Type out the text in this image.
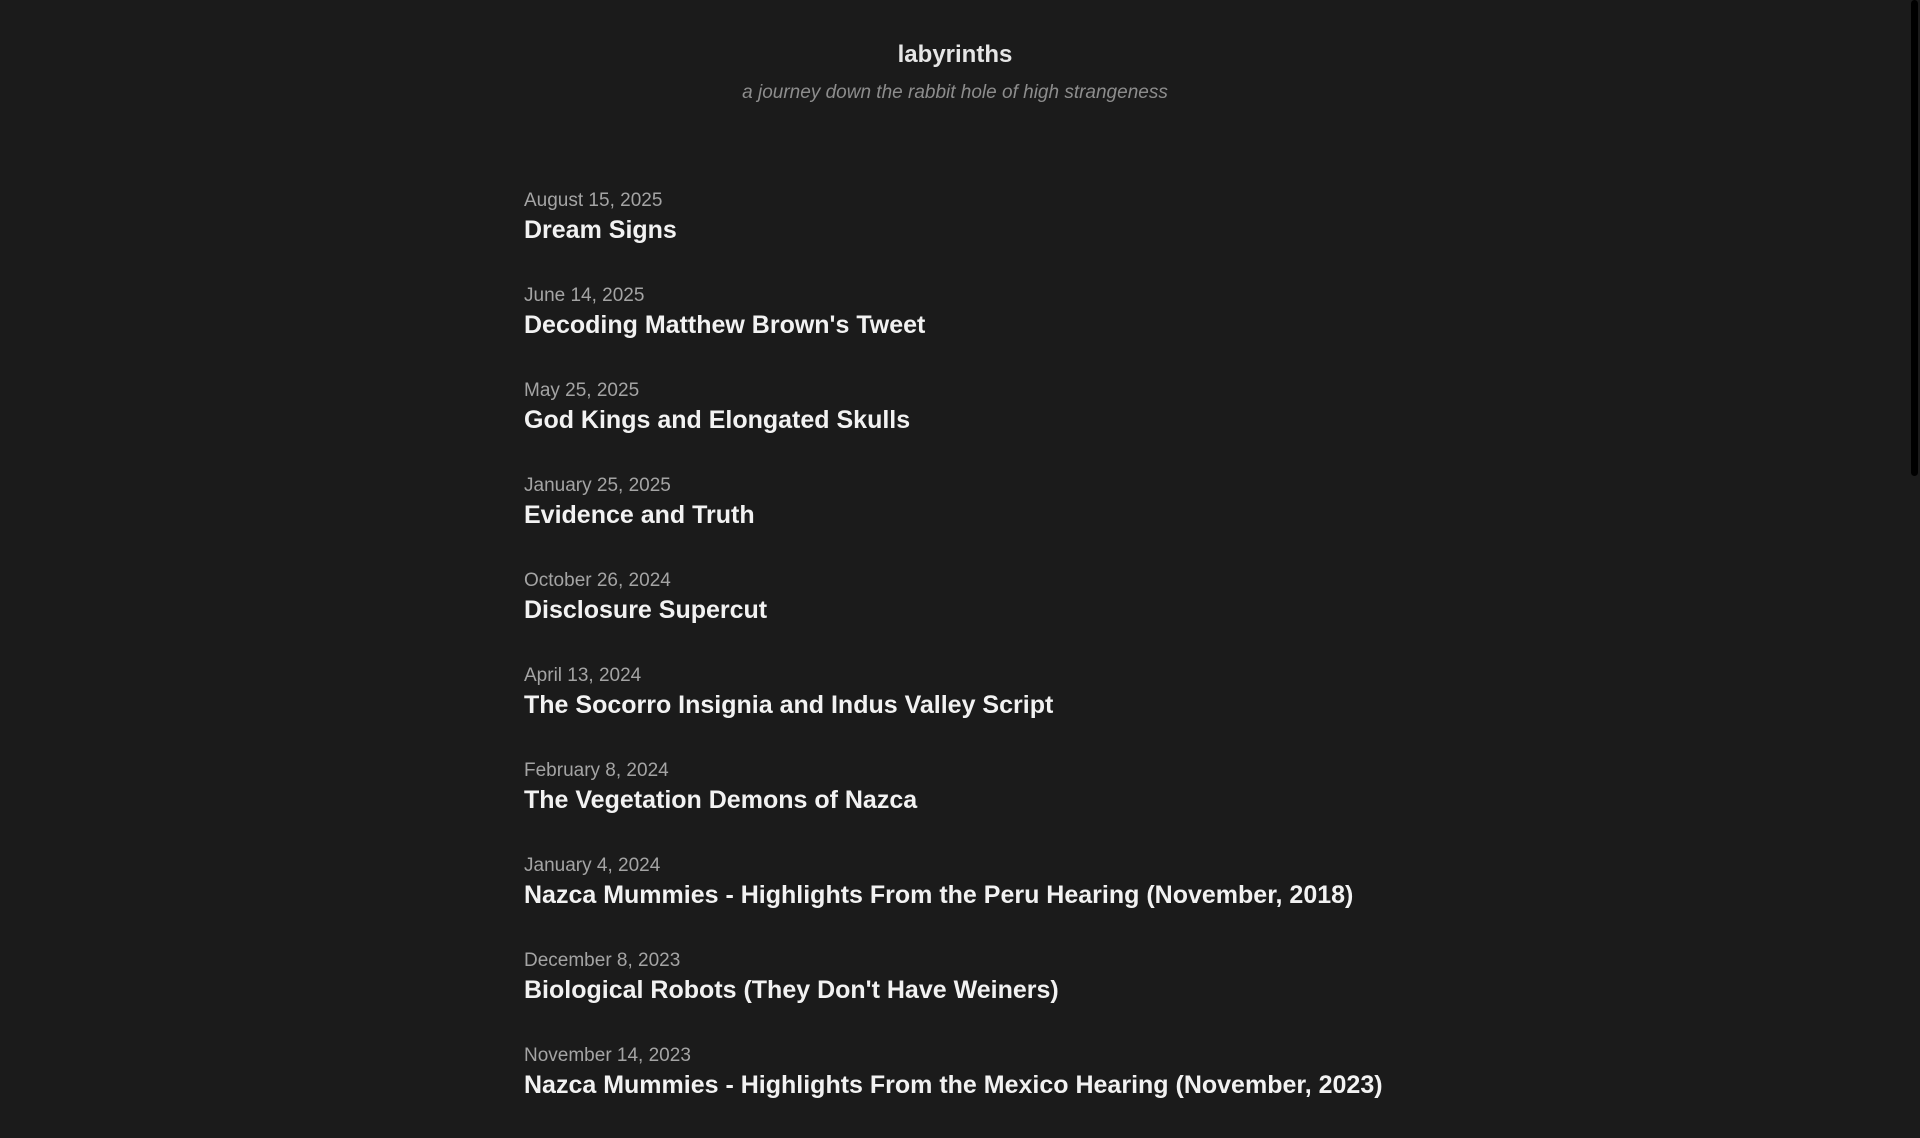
labyrinths
a journey down the rabbit hole of high strangeness
August 15, 2025
Dream Signs
June 14, 2025
Decoding Matthew Brown's Tweet
May 25, 2025
God Kings and Elongated Skulls
January 25, 2025
Evidence and Truth
October 26, 2024
Disclosure Supercut
April 13, 2024
The Socorro Insignia and Indus Valley Script
February 8, 2024
The Vegetation Demons of Nazca
January 4, 2024
Nazca Mummies - Highlights From the Peru Hearing (November, 2018)
December 8, 2023
Biological Robots (They Don't Have Weiners)
November 14, 2023
Nazca Mummies - Highlights From the Mexico Hearing (November, 2023)
